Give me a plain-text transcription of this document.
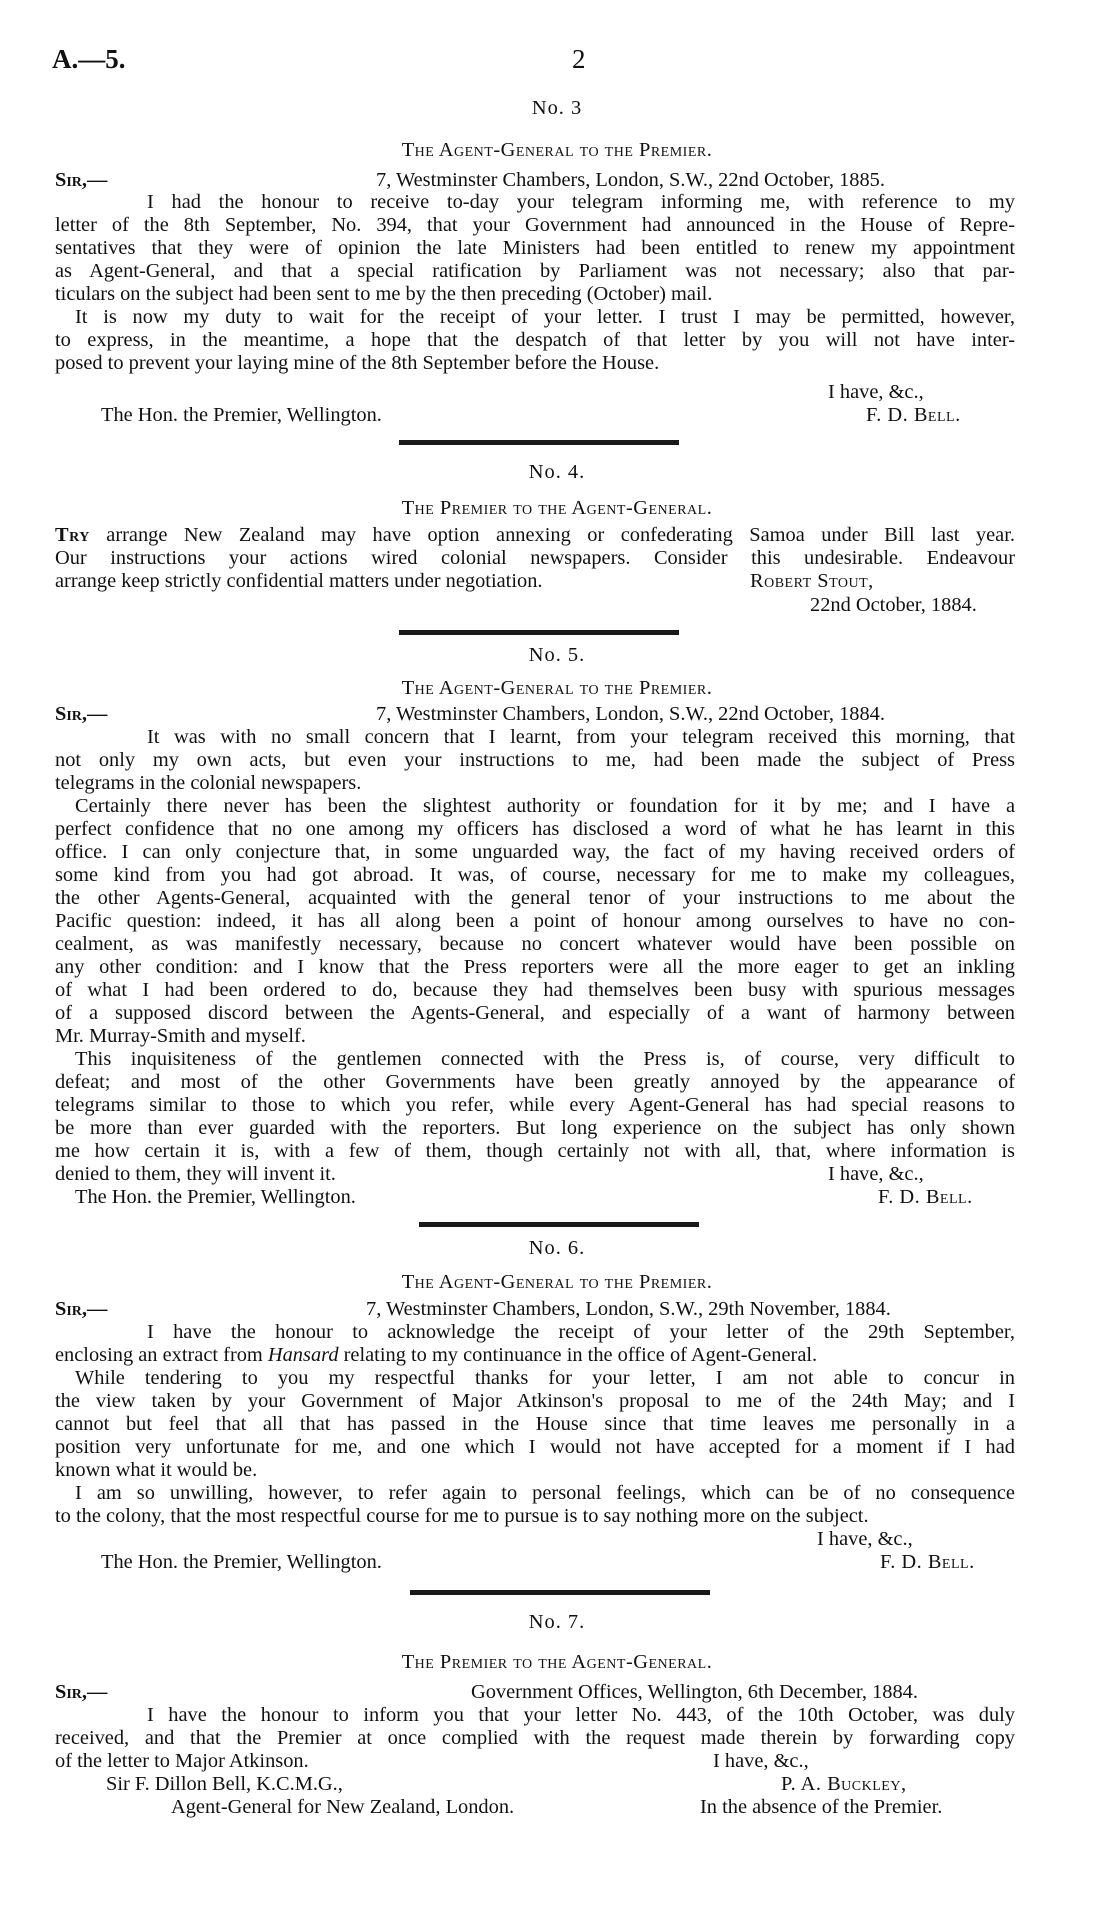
A.—5.	2
No. 3
The Agent-General to the Premier.
Sir,—	7, Westminster Chambers, London, S.W., 22nd October, 1885.
I had the honour to receive to-day your telegram informing me, with reference to my
letter of the 8th September, No. 394, that your Government had announced in the House of Repre-
sentatives that they were of opinion the late Ministers had been entitled to renew my appointment
as Agent-General, and that a special ratification by Parliament was not necessary; also that par-
ticulars on the subject had been sent to me by the then preceding (October) mail.
It is now my duty to wait for the receipt of your letter. I trust I may be permitted, however,
to express, in the meantime, a hope that the despatch of that letter by you will not have inter-
posed to prevent your laying mine of the 8th September before the House.
I have, &c.,
The Hon. the Premier, Wellington.	F. D. Bell.
No. 4.
The Premier to the Agent-General.
Try arrange New Zealand may have option annexing or confederating Samoa under Bill last year.
Our instructions your actions wired colonial newspapers. Consider this undesirable. Endeavour
arrange keep strictly confidential matters under negotiation.	Robert Stout,
22nd October, 1884.
No. 5.
The Agent-General to the Premier.
Sir,—	7, Westminster Chambers, London, S.W., 22nd October, 1884.
It was with no small concern that I learnt, from your telegram received this morning, that
not only my own acts, but even your instructions to me, had been made the subject of Press
telegrams in the colonial newspapers.
Certainly there never has been the slightest authority or foundation for it by me; and I have a
perfect confidence that no one among my officers has disclosed a word of what he has learnt in this
office. I can only conjecture that, in some unguarded way, the fact of my having received orders of
some kind from you had got abroad. It was, of course, necessary for me to make my colleagues,
the other Agents-General, acquainted with the general tenor of your instructions to me about the
Pacific question: indeed, it has all along been a point of honour among ourselves to have no con-
cealment, as was manifestly necessary, because no concert whatever would have been possible on
any other condition: and I know that the Press reporters were all the more eager to get an inkling
of what I had been ordered to do, because they had themselves been busy with spurious messages
of a supposed discord between the Agents-General, and especially of a want of harmony between
Mr. Murray-Smith and myself.
This inquisiteness of the gentlemen connected with the Press is, of course, very difficult to
defeat; and most of the other Governments have been greatly annoyed by the appearance of
telegrams similar to those to which you refer, while every Agent-General has had special reasons to
be more than ever guarded with the reporters. But long experience on the subject has only shown
me how certain it is, with a few of them, though certainly not with all, that, where information is
denied to them, they will invent it.	I have, &c.,
The Hon. the Premier, Wellington.	F. D. Bell.
No. 6.
The Agent-General to the Premier.
Sir,—	7, Westminster Chambers, London, S.W., 29th November, 1884.
I have the honour to acknowledge the receipt of your letter of the 29th September,
enclosing an extract from Hansard relating to my continuance in the office of Agent-General.
While tendering to you my respectful thanks for your letter, I am not able to concur in
the view taken by your Government of Major Atkinson's proposal to me of the 24th May; and I
cannot but feel that all that has passed in the House since that time leaves me personally in a
position very unfortunate for me, and one which I would not have accepted for a moment if I had
known what it would be.
I am so unwilling, however, to refer again to personal feelings, which can be of no consequence
to the colony, that the most respectful course for me to pursue is to say nothing more on the subject.
I have, &c.,
The Hon. the Premier, Wellington.	F. D. Bell.
No. 7.
The Premier to the Agent-General.
Sir,—	Government Offices, Wellington, 6th December, 1884.
I have the honour to inform you that your letter No. 443, of the 10th October, was duly
received, and that the Premier at once complied with the request made therein by forwarding copy
of the letter to Major Atkinson.	I have, &c.,
Sir F. Dillon Bell, K.C.M.G.,	P. A. Buckley,
Agent-General for New Zealand, London.	In the absence of the Premier.
